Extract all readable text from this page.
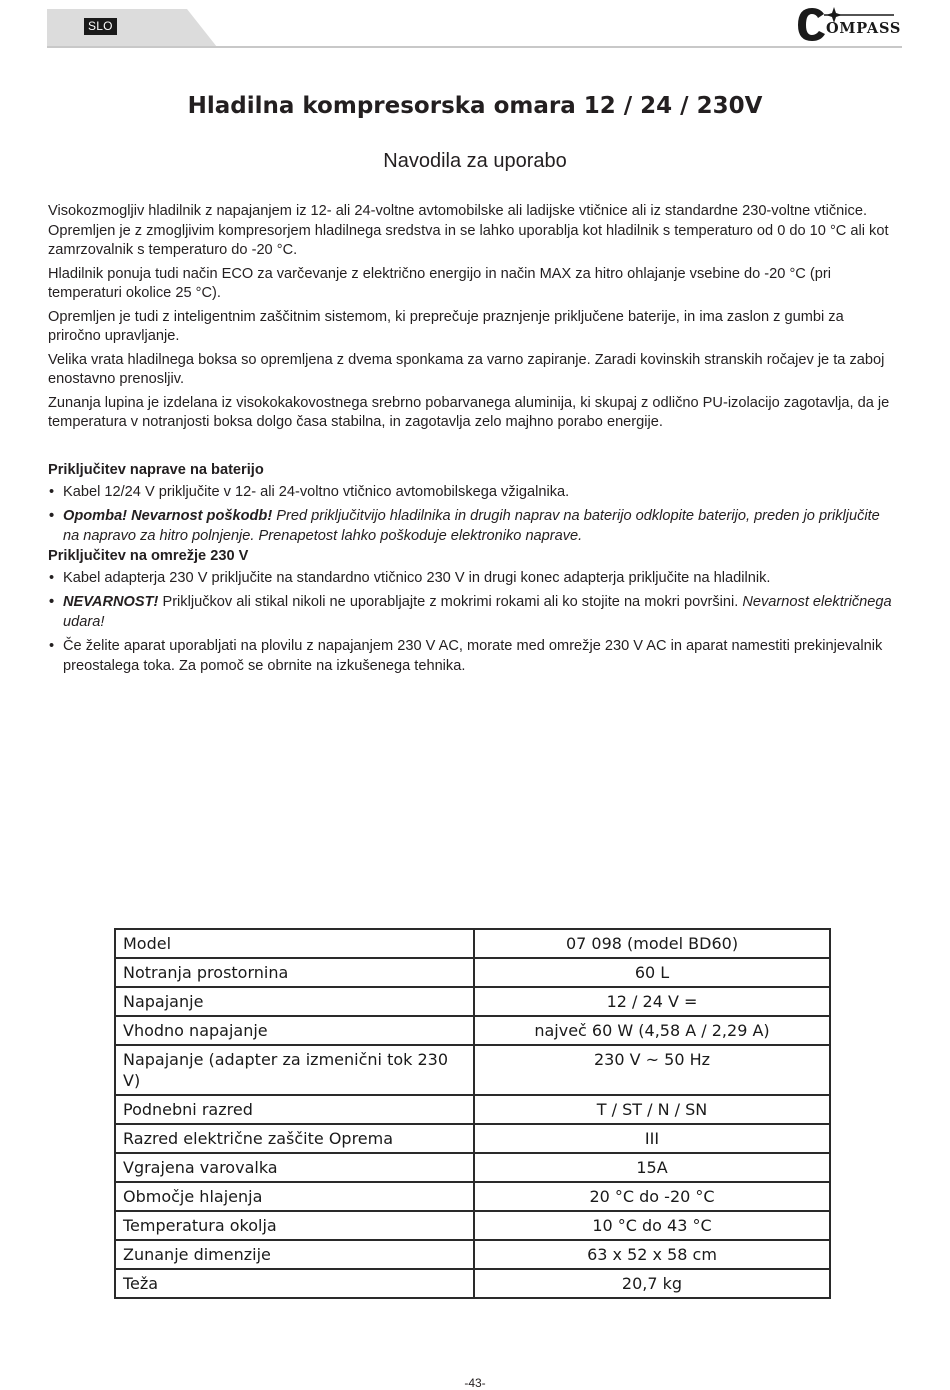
SLO	OMPASS
Hladilna kompresorska omara 12 / 24 / 230V
Navodila za uporabo

Visokozmogljiv hladilnik z napajanjem iz 12- ali 24-voltne avtomobilske ali ladijske vtičnice ali iz standardne 230-voltne vtičnice. Opremljen je z zmogljivim kompresorjem hladilnega sredstva in se lahko uporablja kot hladilnik s temperaturo od 0 do 10 °C ali kot zamrzovalnik s temperaturo do -20 °C.

Hladilnik ponuja tudi način ECO za varčevanje z električno energijo in način MAX za hitro ohlajanje vsebine do -20 °C (pri temperaturi okolice 25 °C).

Opremljen je tudi z inteligentnim zaščitnim sistemom, ki preprečuje praznjenje priključene baterije, in ima zaslon z gumbi za priročno upravljanje.

Velika vrata hladilnega boksa so opremljena z dvema sponkama za varno zapiranje. Zaradi kovinskih stranskih ročajev je ta zaboj enostavno prenosljiv.

Zunanja lupina je izdelana iz visokokakovostnega srebrno pobarvanega aluminija, ki skupaj z odlično PU-izolacijo zagotavlja, da je temperatura v notranjosti boksa dolgo časa stabilna, in zagotavlja zelo majhno porabo energije.

Priključitev naprave na baterijo

• Kabel 12/24 V priključite v 12- ali 24-voltno vtičnico avtomobilskega vžigalnika.

• Opomba! Nevarnost poškodb! Pred priključitvijo hladilnika in drugih naprav na baterijo odklopite baterijo, preden jo priključite na napravo za hitro polnjenje. Prenapetost lahko poškoduje elektroniko naprave.

Priključitev na omrežje 230 V

• Kabel adapterja 230 V priključite na standardno vtičnico 230 V in drugi konec adapterja priključite na hladilnik.

• NEVARNOST! Priključkov ali stikal nikoli ne uporabljajte z mokrimi rokami ali ko stojite na mokri površini. Nevarnost električnega udara!

• Če želite aparat uporabljati na plovilu z napajanjem 230 V AC, morate med omrežje 230 V AC in aparat namestiti prekinjevalnik preostalega toka. Za pomoč se obrnite na izkušenega tehnika.

Model	07 098 (model BD60)
Notranja prostornina	60 L
Napajanje	12 / 24 V =
Vhodno napajanje	največ 60 W (4,58 A / 2,29 A)
Napajanje (adapter za izmenični tok 230 V)	230 V ~ 50 Hz
Podnebni razred	T / ST / N / SN
Razred električne zaščite Oprema	III
Vgrajena varovalka	15A
Območje hlajenja	20 °C do -20 °C
Temperatura okolja	10 °C do 43 °C
Zunanje dimenzije	63 x 52 x 58 cm
Teža	20,7 kg
-43-
